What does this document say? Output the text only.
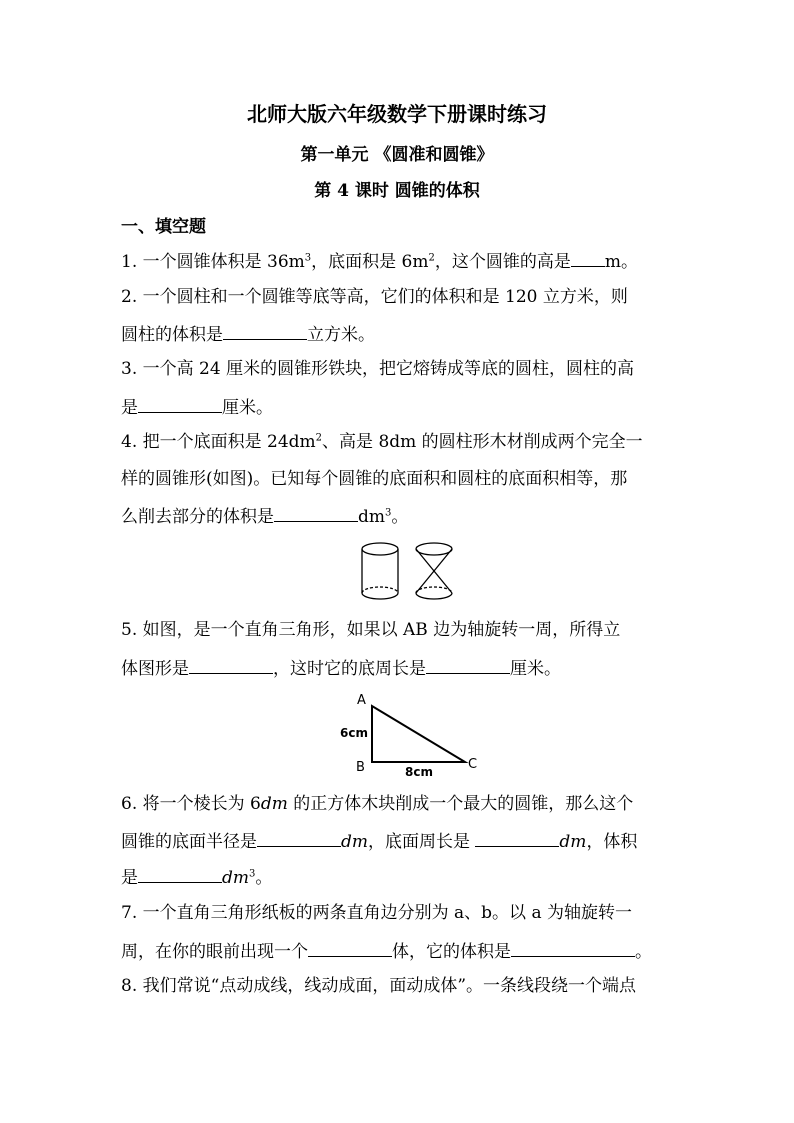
北师大版六年级数学下册课时练习
第一单元 《圆准和圆锥》
第 4 课时 圆锥的体积
一、填空题
1. 一个圆锥体积是 $36m^3$，底面积是 $6m^2$，这个圆锥的高是 m。
2. 一个圆柱和一个圆锥等底等高，它们的体积和是 120 立方米，则
圆柱的体积是	立方米。
3. 一个高 24 厘米的圆锥形铁块，把它熔铸成等底的圆柱，圆柱的高
是	厘米。
4. 把一个底面积是 $24dm^2$、高是 8dm 的圆柱形木材削成两个完全一
样的圆锥形(如图)。已知每个圆锥的底面积和圆柱的底面积相等，那
么削去部分的体积是	$dm^3$。
5. 如图，是一个直角三角形，如果以 AB 边为轴旋转一周，所得立
体图形是	，这时它的底周长是	厘米。
A
B	C
6cm
8cm
6. 将一个棱长为 6dm 的正方体木块削成一个最大的圆锥，那么这个
圆锥的底面半径是	dm，底面周长是	dm，体积
是	$dm^3$。
7. 一个直角三角形纸板的两条直角边分别为 a、b。以 a 为轴旋转一
周，在你的眼前出现一个	体，它的体积是	。
8. 我们常说“点动成线，线动成面，面动成体”。一条线段绕一个端点
